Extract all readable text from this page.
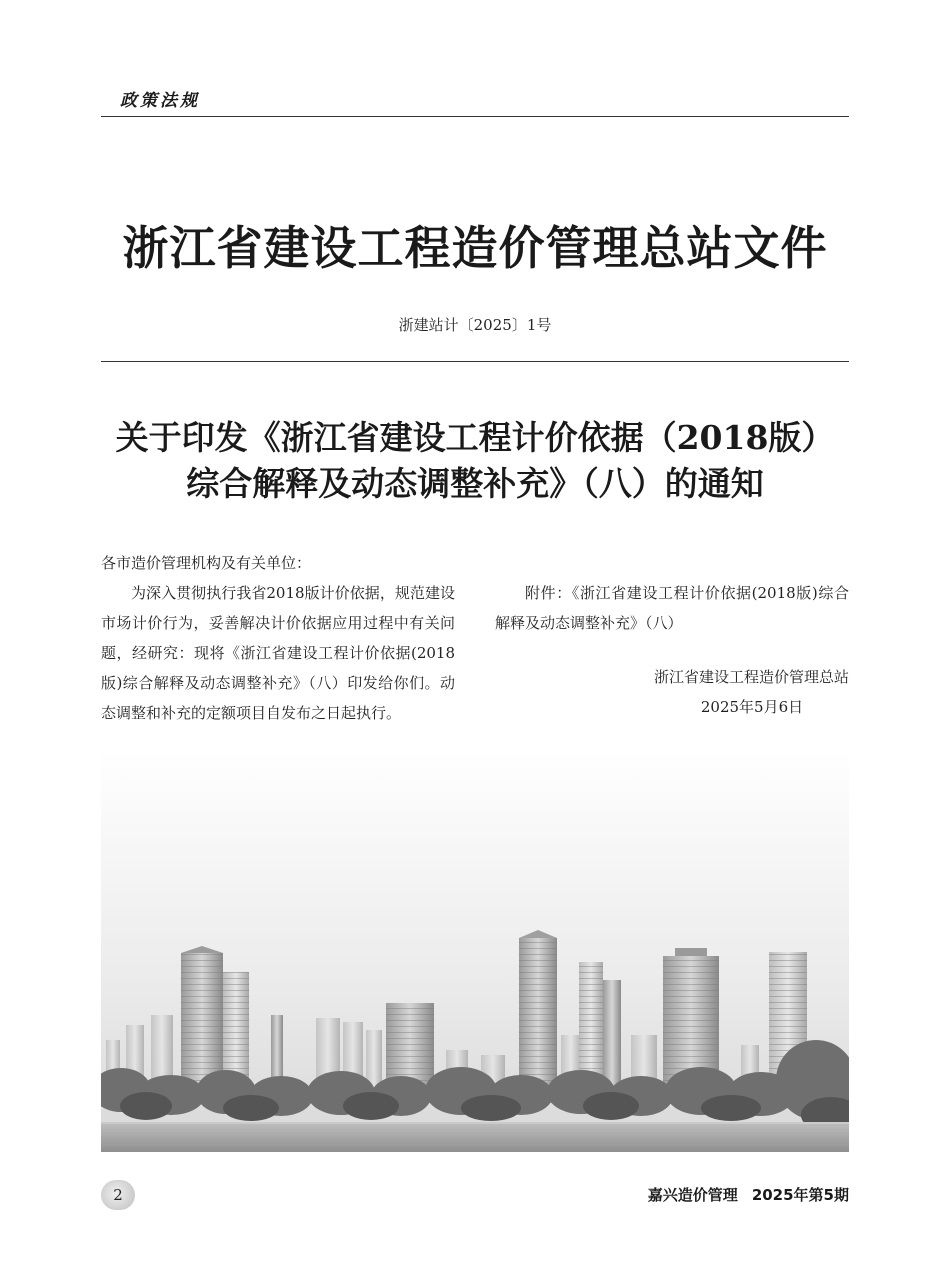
政策法规
浙江省建设工程造价管理总站文件
浙建站计〔2025〕1号
关于印发《浙江省建设工程计价依据（2018版）
综合解释及动态调整补充》（八）的通知

各市造价管理机构及有关单位：

为深入贯彻执行我省2018版计价依据，规范建设市场计价行为，妥善解决计价依据应用过程中有关问题，经研究：现将《浙江省建设工程计价依据(2018版)综合解释及动态调整补充》（八）印发给你们。动态调整和补充的定额项目自发布之日起执行。

附件：《浙江省建设工程计价依据(2018版)综合解释及动态调整补充》（八）

浙江省建设工程造价管理总站
2025年5月6日
2	嘉兴造价管理 2025年第5期
